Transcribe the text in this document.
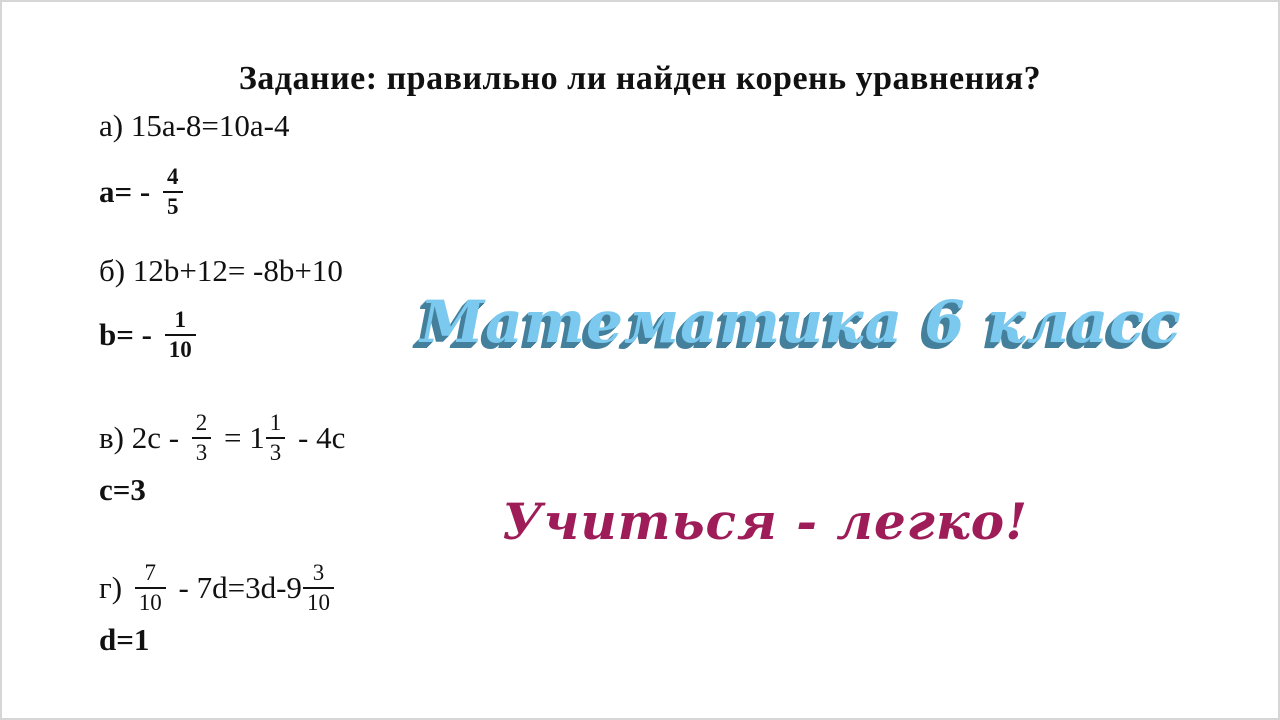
Задание: правильно ли найден корень уравнения?
а) 15a-8=10a-4
$a= - \frac{4}{5}$
б) 12b+12= -8b+10
$b= - \frac{1}{10}$
в) $2c - \frac{2}{3} = 1 \frac{1}{3} - 4c$
c=3
$г) \frac{7}{10} - 7d=3d-9 \frac{3}{10}$
d=1
Математика 6 класс
Учиться - легко!
